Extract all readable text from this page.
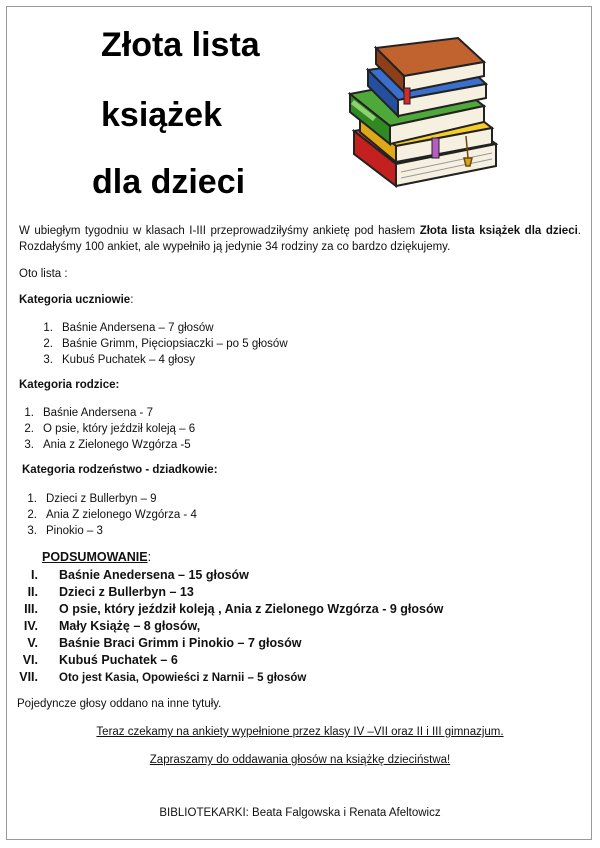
Złota lista
książek
dla dzieci

W ubiegłym tygodniu w klasach I-III przeprowadziłyśmy ankietę pod hasłem Złota lista książek dla dzieci. Rozdałyśmy 100 ankiet, ale wypełniło ją jedynie 34 rodziny za co bardzo dziękujemy.

Oto lista :

Kategoria uczniowie:

1. Baśnie Andersena – 7 głosów
2. Baśnie Grimm, Pięciopsiaczki – po 5 głosów
3. Kubuś Puchatek – 4 głosy

Kategoria rodzice:

1. Baśnie Andersena - 7
2. O psie, który jeździł koleją – 6
3. Ania z Zielonego Wzgórza -5

Kategoria rodzeństwo - dziadkowie:

1. Dzieci z Bullerbyn – 9
2. Ania Z zielonego Wzgórza - 4
3. Pinokio – 3

PODSUMOWANIE:

I. Baśnie Anedersena – 15 głosów
II. Dzieci z Bullerbyn – 13
III. O psie, który jeździł koleją , Ania z Zielonego Wzgórza - 9 głosów
IV. Mały Książę – 8 głosów,
V. Baśnie Braci Grimm i Pinokio – 7 głosów
VI. Kubuś Puchatek – 6
VII. Oto jest Kasia, Opowieści z Narnii – 5 głosów

Pojedyncze głosy oddano na inne tytuły.

Teraz czekamy na ankiety wypełnione przez klasy IV –VII oraz II i III gimnazjum.

Zapraszamy do oddawania głosów na książkę dzieciństwa!

BIBLIOTEKARKI: Beata Falgowska i Renata Afeltowicz
